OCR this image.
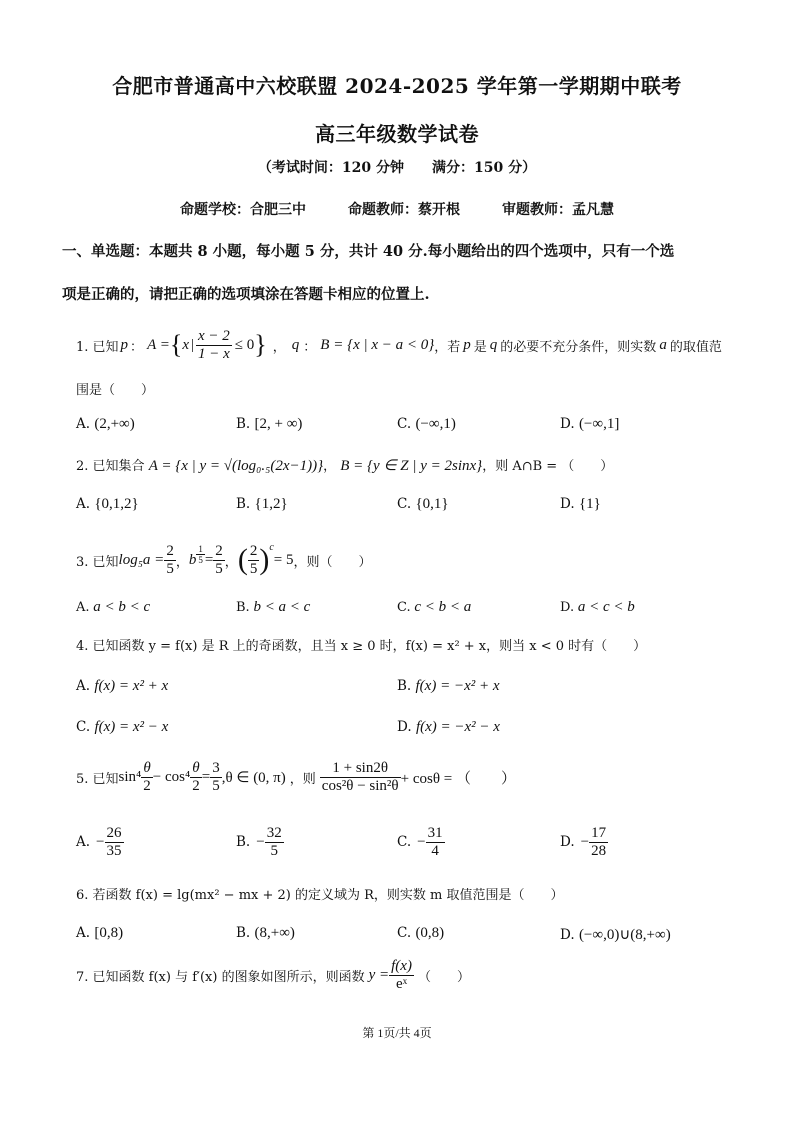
合肥市普通高中六校联盟 2024-2025 学年第一学期期中联考
高三年级数学试卷
（考试时间：120 分钟　　满分：150 分）
命题学校：合肥三中　　　命题教师：蔡开根　　　审题教师：孟凡慧
一、单选题：本题共 8 小题，每小题 5 分，共计 40 分.每小题给出的四个选项中，只有一个选
项是正确的，请把正确的选项填涂在答题卡相应的位置上.
1. 已知 p ： A = { x | $\frac{x - 2}{1 - x} \le 0$ } ， q ： B = {x | x − a < 0} ，若 p 是 q 的 必要不充分条件，则实数 a 的取值范
围是（　　）
A. (2,+∞)	B. [2, + ∞)	C. (−∞,1)	D. (−∞,1]
2. 已知集合 A = {x | y = √(log₀.₅(2x−1))}， B = {y ∈ Z | y = 2sinx}，则 A∩B = （　　）
A. {0,1,2}	B. {1,2}	C. {0,1}	D. {1}
3. 已知 $\log_5a = \frac{2}{5}$ ， b $\frac{1}{5} = \frac{2}{5}$ ， ( $\frac{2}{5}$ ) c
= 5 ，则（　　）
A. a < b < c	B. b < a < c	C. c < b < a	D. a < c < b
4. 已知函数 y = f(x) 是 R 上的奇函数，且当 x ≥ 0 时，f(x) = x² + x，则当 x < 0 时有（　　）
A. f(x) = x² + x	B. f(x) = −x² + x
C. f(x) = x² − x	D. f(x) = −x² − x
5. 已知 $\sin^4 \frac{\theta}{2} - \cos^4 \frac{\theta}{2} = \frac{3}{5} ,\theta$ ∈ (0, π) ，则 $\frac{1 + \sin 2\theta}{\text{cos²θ − sin²θ}} + \cos\theta$ = （　　）
A. − $\frac{26}{35}$	B. − $\frac{32}{5}$	C. − $\frac{31}{4}$	D. − $\frac{17}{28}$
6. 若函数 f(x) = lg(mx² − mx + 2) 的定义域为 R，则实数 m 取值范围是（　　）
A. [0,8)	B. (8,+∞)	C. (0,8)	D. (−∞,0)∪(8,+∞)
7. 已知函数 f(x) 与 f′(x) 的图象如图所示，则函数 $y = \frac{f(x)}{\text{eˣ}}$ （　　）
第 1页/共 4页
